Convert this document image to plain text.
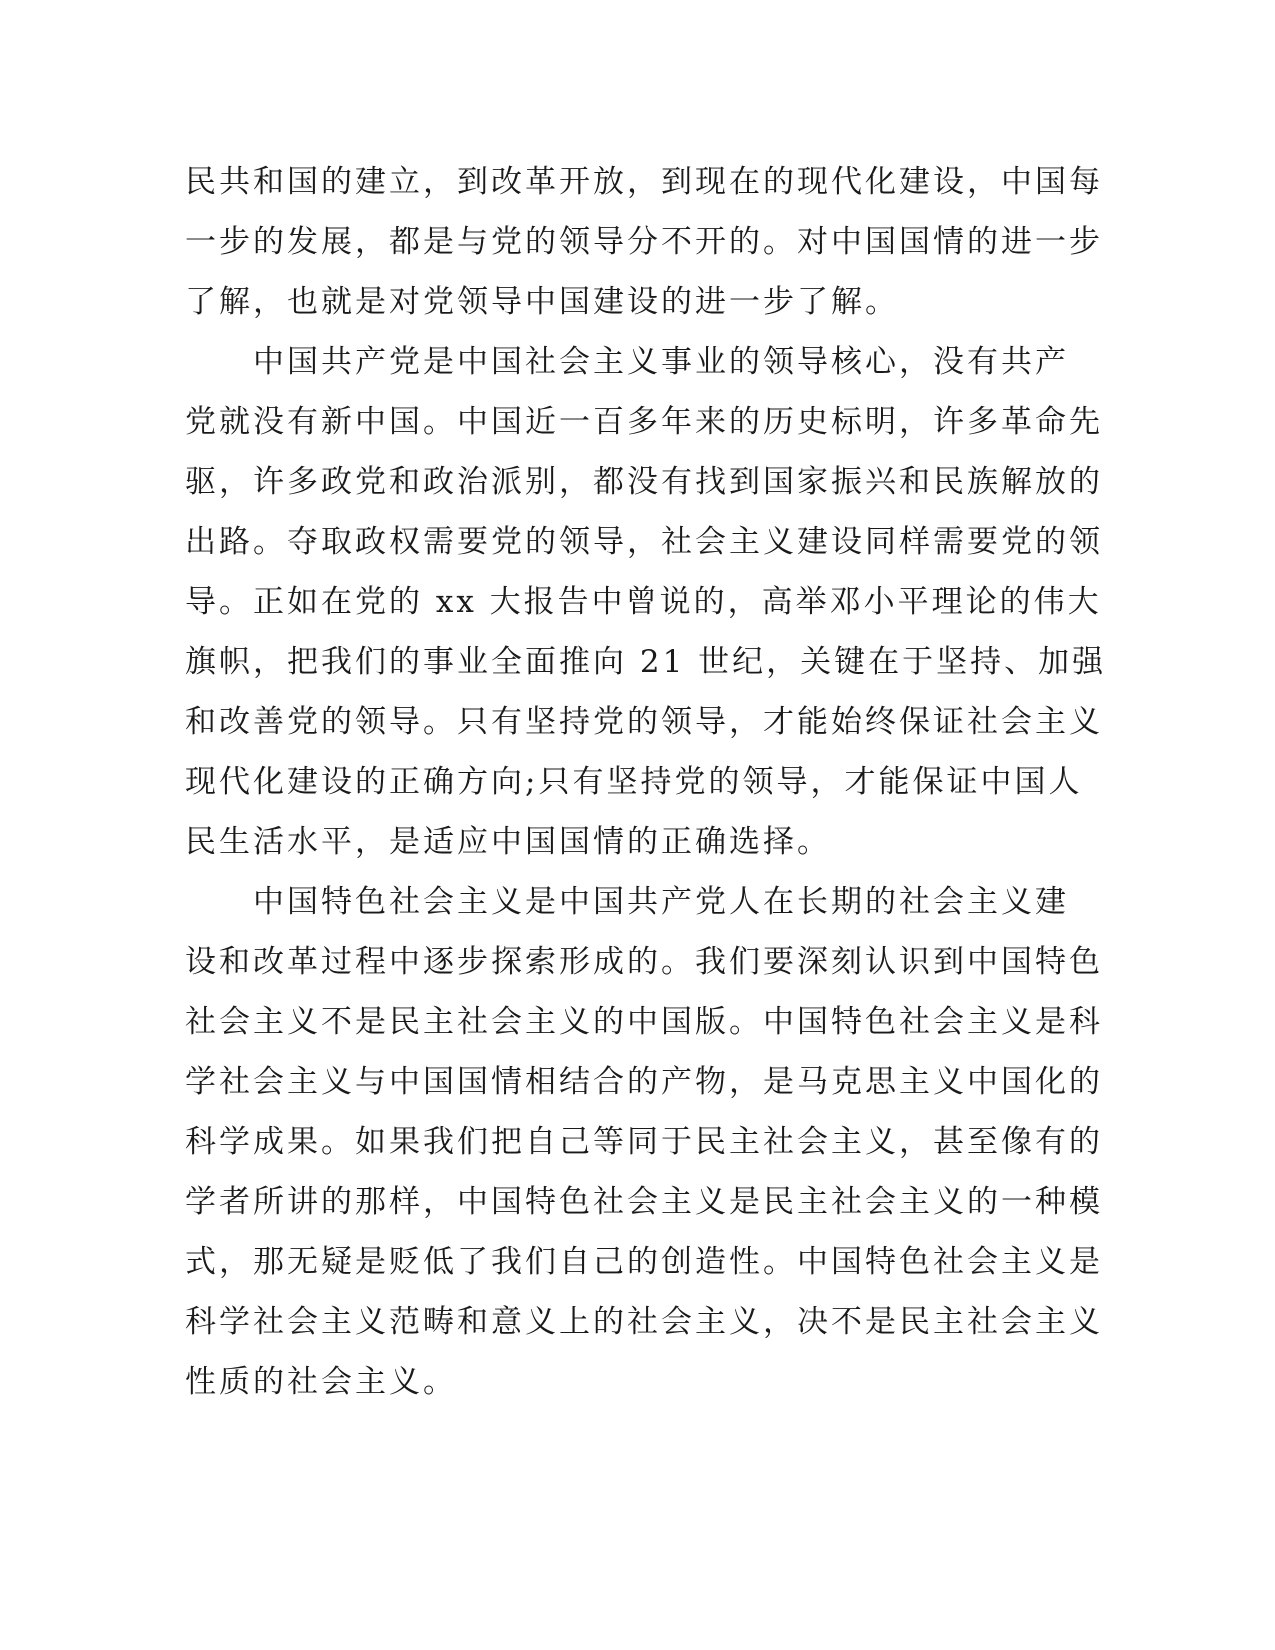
民共和国的建立，到改革开放，到现在的现代化建设，中国每
一步的发展，都是与党的领导分不开的。对中国国情的进一步
了解，也就是对党领导中国建设的进一步了解。
中国共产党是中国社会主义事业的领导核心，没有共产
党就没有新中国。中国近一百多年来的历史标明，许多革命先
驱，许多政党和政治派别，都没有找到国家振兴和民族解放的
出路。夺取政权需要党的领导，社会主义建设同样需要党的领
导。正如在党的 xx 大报告中曾说的，高举邓小平理论的伟大
旗帜，把我们的事业全面推向 21 世纪，关键在于坚持、加强
和改善党的领导。只有坚持党的领导，才能始终保证社会主义
现代化建设的正确方向;只有坚持党的领导，才能保证中国人
民生活水平，是适应中国国情的正确选择。
中国特色社会主义是中国共产党人在长期的社会主义建
设和改革过程中逐步探索形成的。我们要深刻认识到中国特色
社会主义不是民主社会主义的中国版。中国特色社会主义是科
学社会主义与中国国情相结合的产物，是马克思主义中国化的
科学成果。如果我们把自己等同于民主社会主义，甚至像有的
学者所讲的那样，中国特色社会主义是民主社会主义的一种模
式，那无疑是贬低了我们自己的创造性。中国特色社会主义是
科学社会主义范畴和意义上的社会主义，决不是民主社会主义
性质的社会主义。
